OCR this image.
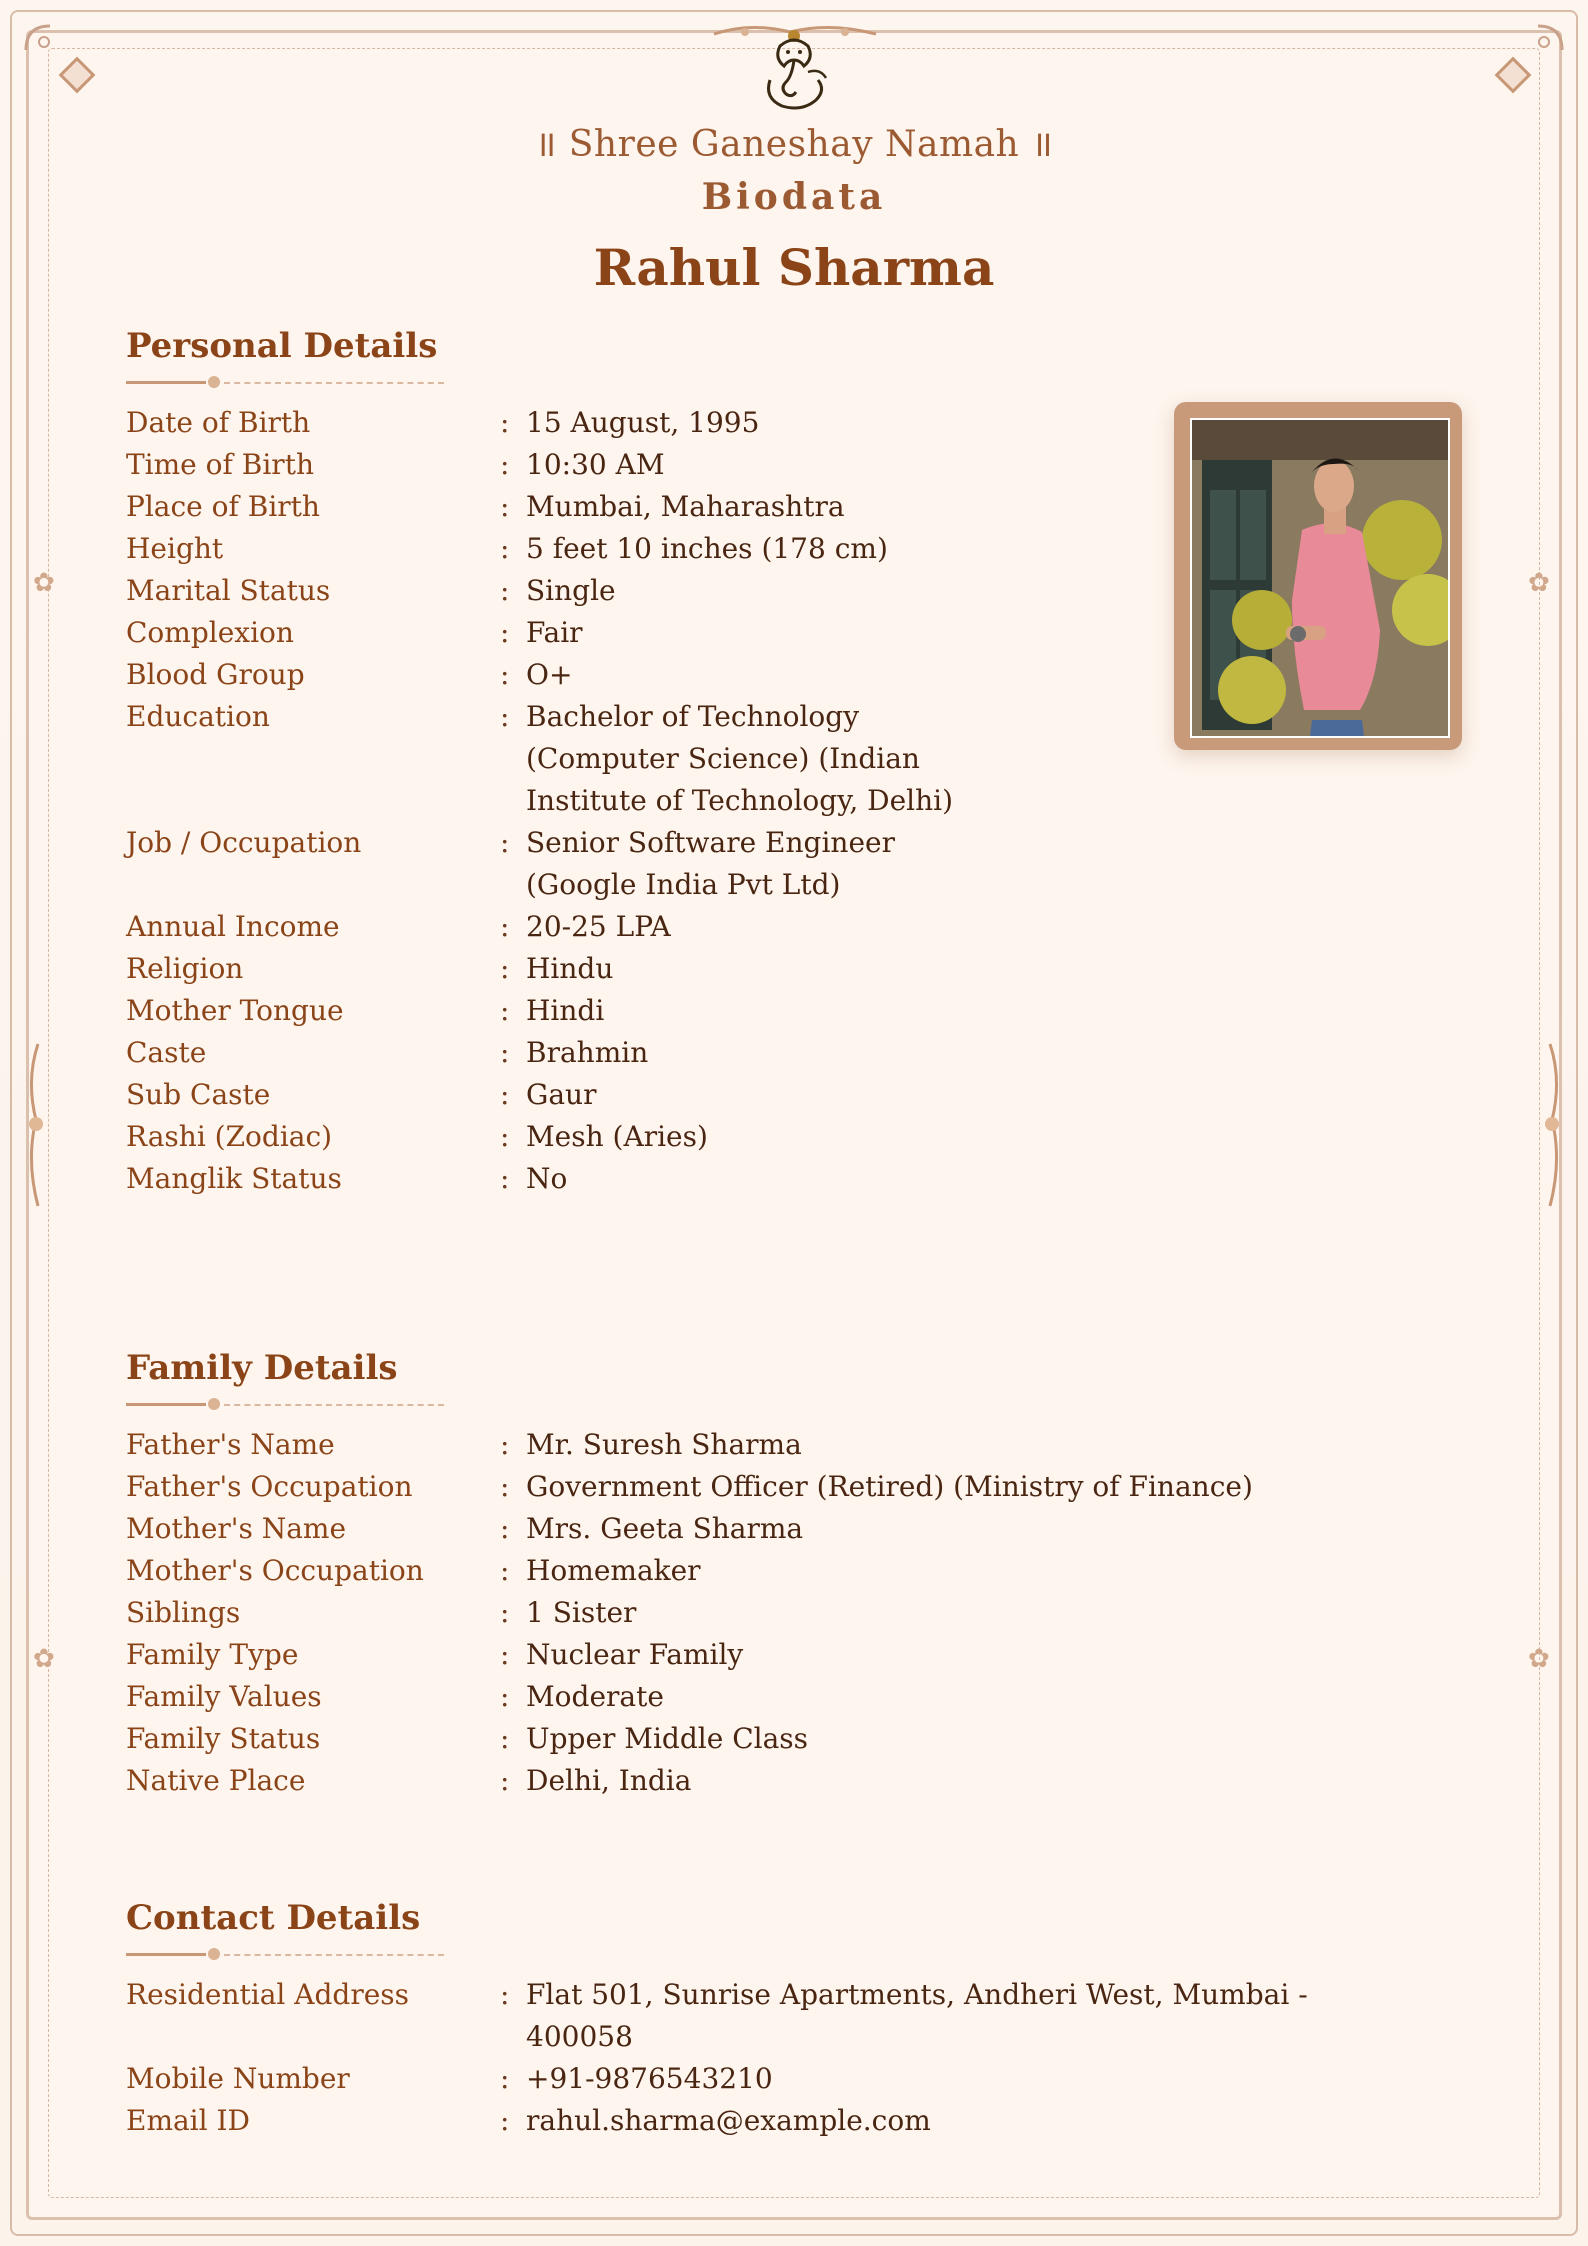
✿	✿
✿	✿
॥ Shree Ganeshay Namah ॥
Biodata
Rahul Sharma
Personal Details
Date of Birth	: 15 August, 1995
Time of Birth	: 10:30 AM
Place of Birth	: Mumbai, Maharashtra
Height	: 5 feet 10 inches (178 cm)
Marital Status	: Single
Complexion	: Fair
Blood Group	: O+
Education	: Bachelor of Technology (Computer Science) (Indian Institute of Technology, Delhi)
Job / Occupation	: Senior Software Engineer (Google India Pvt Ltd)
Annual Income	: 20-25 LPA
Religion	: Hindu
Mother Tongue	: Hindi
Caste	: Brahmin
Sub Caste	: Gaur
Rashi (Zodiac)	: Mesh (Aries)
Manglik Status	: No
Family Details
Father's Name	: Mr. Suresh Sharma
Father's Occupation	: Government Officer (Retired) (Ministry of Finance)
Mother's Name	: Mrs. Geeta Sharma
Mother's Occupation	: Homemaker
Siblings	: 1 Sister
Family Type	: Nuclear Family
Family Values	: Moderate
Family Status	: Upper Middle Class
Native Place	: Delhi, India
Contact Details
Residential Address	: Flat 501, Sunrise Apartments, Andheri West, Mumbai - 400058
Mobile Number	: +91-9876543210
Email ID	: rahul.sharma@example.com
